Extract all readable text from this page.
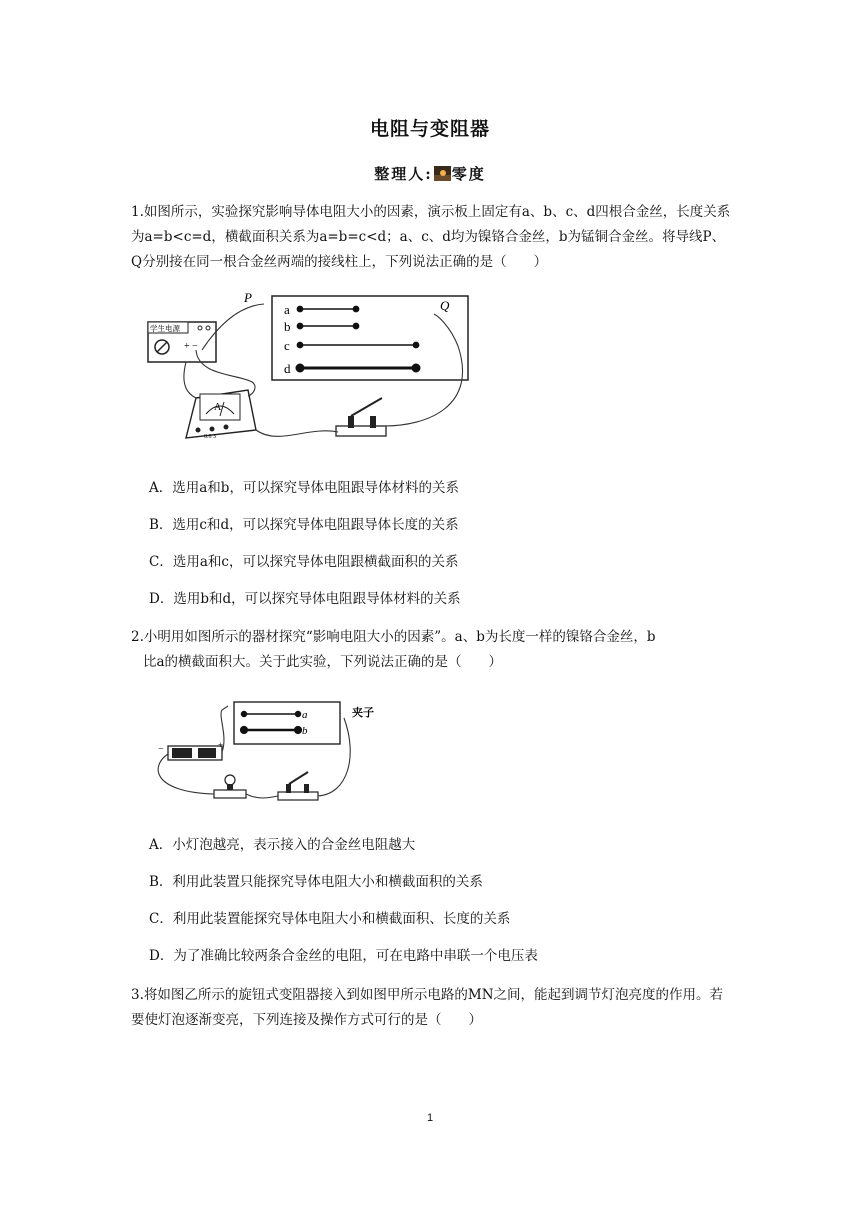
电阻与变阻器
整理人: 零度
1.如图所示，实验探究影响导体电阻大小的因素，演示板上固定有a、b、c、d四根合金丝，长度关系为a=b<c=d，横截面积关系为a=b=c<d；a、c、d均为镍铬合金丝，b为锰铜合金丝。将导线P、Q分别接在同一根合金丝两端的接线柱上，下列说法正确的是（　　）
a
b
c
d
P
Q
学生电源
+ −
A
0.6 3
A．选用a和b，可以探究导体电阻跟导体材料的关系
B．选用c和d，可以探究导体电阻跟导体长度的关系
C．选用a和c，可以探究导体电阻跟横截面积的关系
D．选用b和d，可以探究导体电阻跟导体材料的关系
2.小明用如图所示的器材探究“影响电阻大小的因素”。a、b为长度一样的镍铬合金丝，b
比a的横截面积大。关于此实验，下列说法正确的是（　　）
a
b
夹子
−	+
A．小灯泡越亮，表示接入的合金丝电阻越大
B．利用此装置只能探究导体电阻大小和横截面积的关系
C．利用此装置能探究导体电阻大小和横截面积、长度的关系
D．为了准确比较两条合金丝的电阻，可在电路中串联一个电压表
3.将如图乙所示的旋钮式变阻器接入到如图甲所示电路的MN之间，能起到调节灯泡亮度的作用。若要使灯泡逐渐变亮，下列连接及操作方式可行的是（　　）
1
